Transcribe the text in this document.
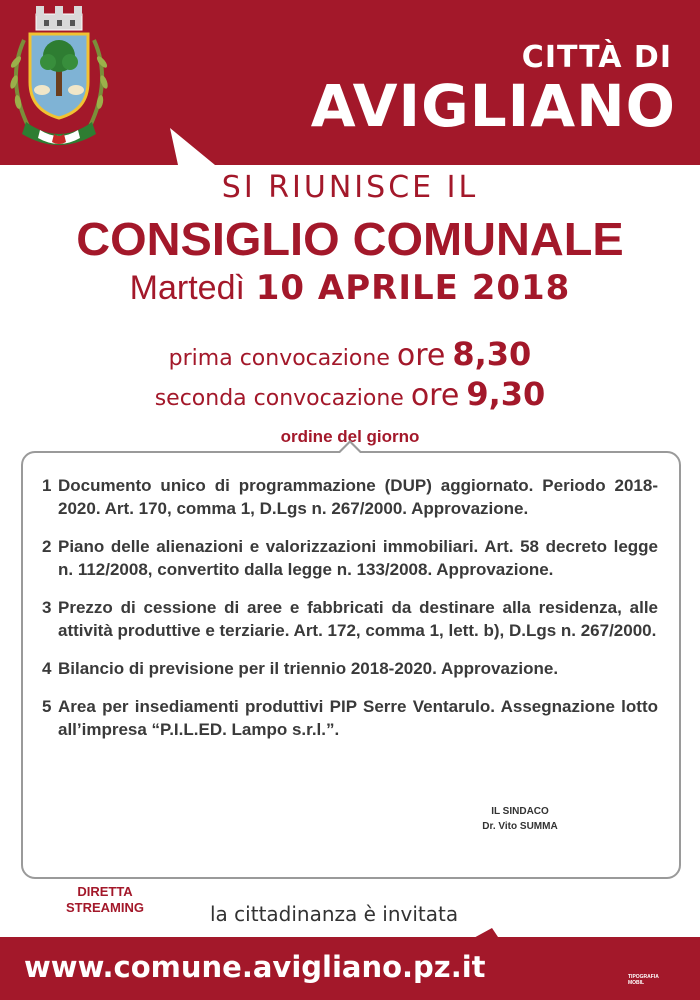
CITTÀ DI
AVIGLIANO
SI RIUNISCE IL
CONSIGLIO COMUNALE
Martedì 10 APRILE 2018
prima convocazione ore 8,30
seconda convocazione ore 9,30
ordine del giorno
1 Documento unico di programmazione (DUP) aggiornato. Periodo 2018-2020. Art. 170, comma 1, D.Lgs n. 267/2000. Approvazione.
2 Piano delle alienazioni e valorizzazioni immobiliari. Art. 58 decreto legge n. 112/2008, convertito dalla legge n. 133/2008. Approvazione.
3 Prezzo di cessione di aree e fabbricati da destinare alla residenza, alle attività produttive e terziarie. Art. 172, comma 1, lett. b), D.Lgs n. 267/2000.
4 Bilancio di previsione per il triennio 2018-2020. Approvazione.
5 Area per insediamenti produttivi PIP Serre Ventarulo. Assegnazione lotto all’impresa “P.I.L.ED. Lampo s.r.l.”.
IL SINDACO
Dr. Vito SUMMA
DIRETTA
STREAMING	la cittadinanza è invitata
www.comune.avigliano.pz.it	TIPOGRAFIA
MOBIL
